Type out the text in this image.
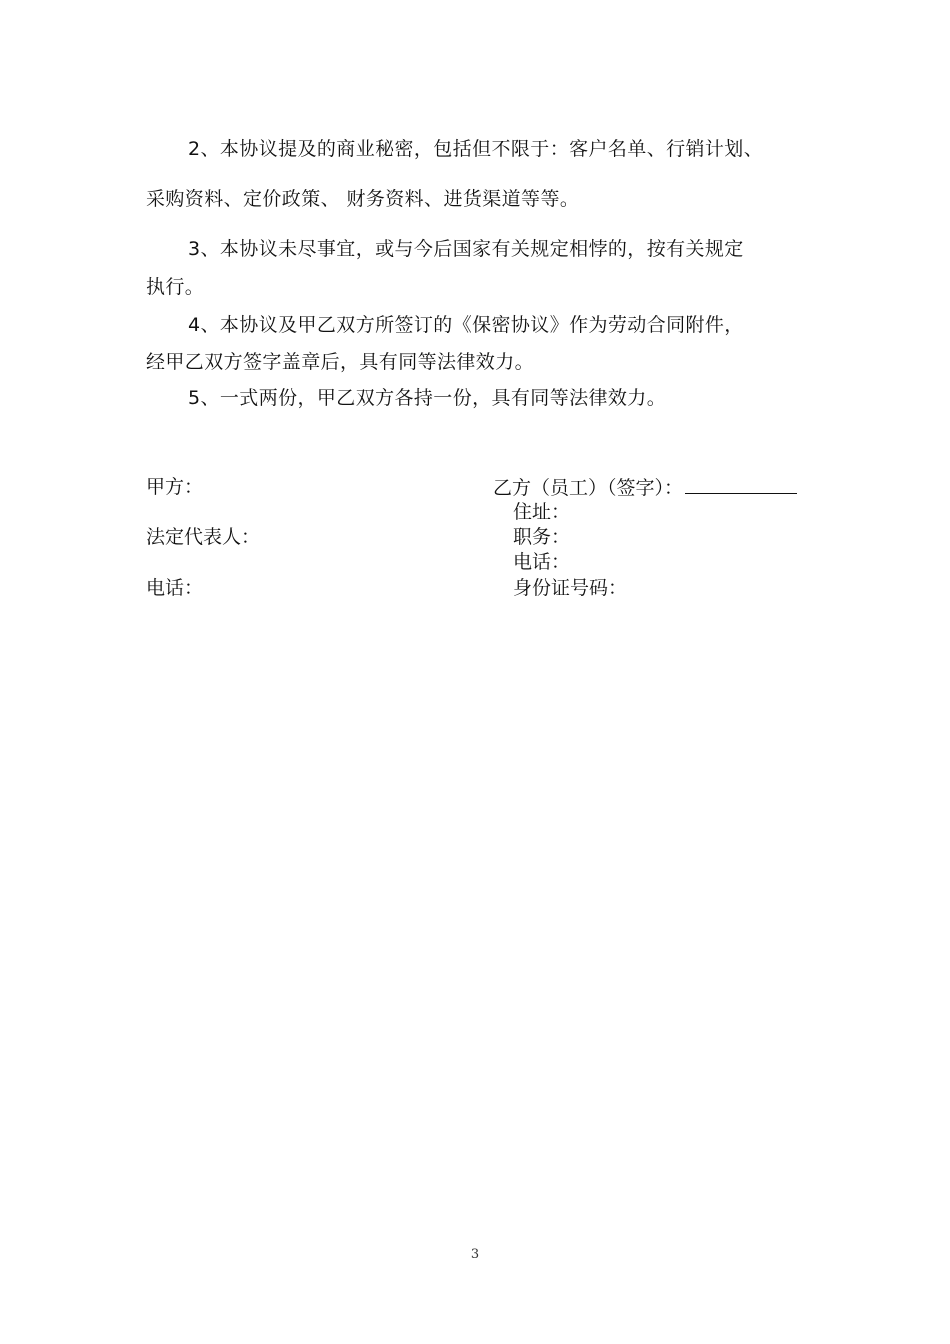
2、本协议提及的商业秘密，包括但不限于：客户名单、行销计划、
采购资料、定价政策、 财务资料、进货渠道等等。
3、本协议未尽事宜，或与今后国家有关规定相悖的，按有关规定
执行。
4、本协议及甲乙双方所签订的《保密协议》作为劳动合同附件，
经甲乙双方签字盖章后，具有同等法律效力。
5、一式两份，甲乙双方各持一份，具有同等法律效力。
甲方：
法定代表人：
电话：
乙方（员工）（签字）：
住址：
职务：
电话：
身份证号码：
3
